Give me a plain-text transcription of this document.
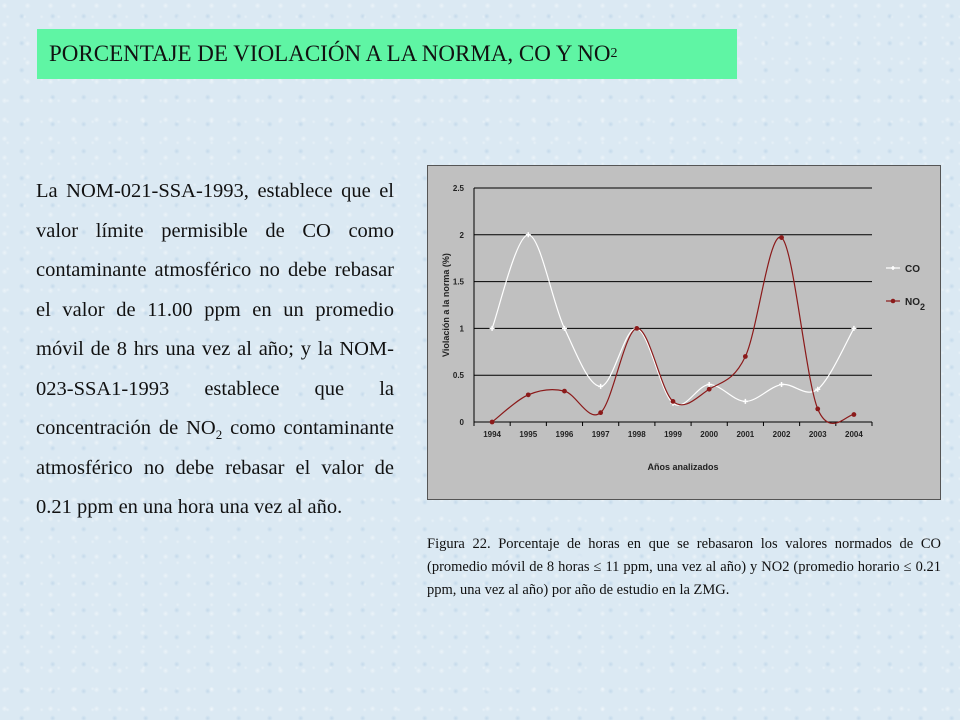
PORCENTAJE DE VIOLACIÓN A LA NORMA, CO Y NO 2
La NOM-021-SSA-1993, establece que el valor límite permisible de CO como contaminante atmosférico no debe rebasar el valor de 11.00 ppm en un promedio móvil de 8 hrs una vez al año; y la NOM-023-SSA1-1993 establece que la concentración de $NO_2$ como contaminante atmosférico no debe rebasar el valor de 0.21 ppm en una hora una vez al año.
0
0.5
1
1.5
2
2.5
1994 1995 1996 1997 1998 1999 2000 2001 2002 2003 2004
Violación a la norma (%)
Años analizados
CO
NO2
Figura 22. Porcentaje de horas en que se rebasaron los valores normados de CO (promedio móvil de 8 horas ≤ 11 ppm, una vez al año) y NO2 (promedio horario ≤ 0.21 ppm, una vez al año) por año de estudio en la ZMG.
